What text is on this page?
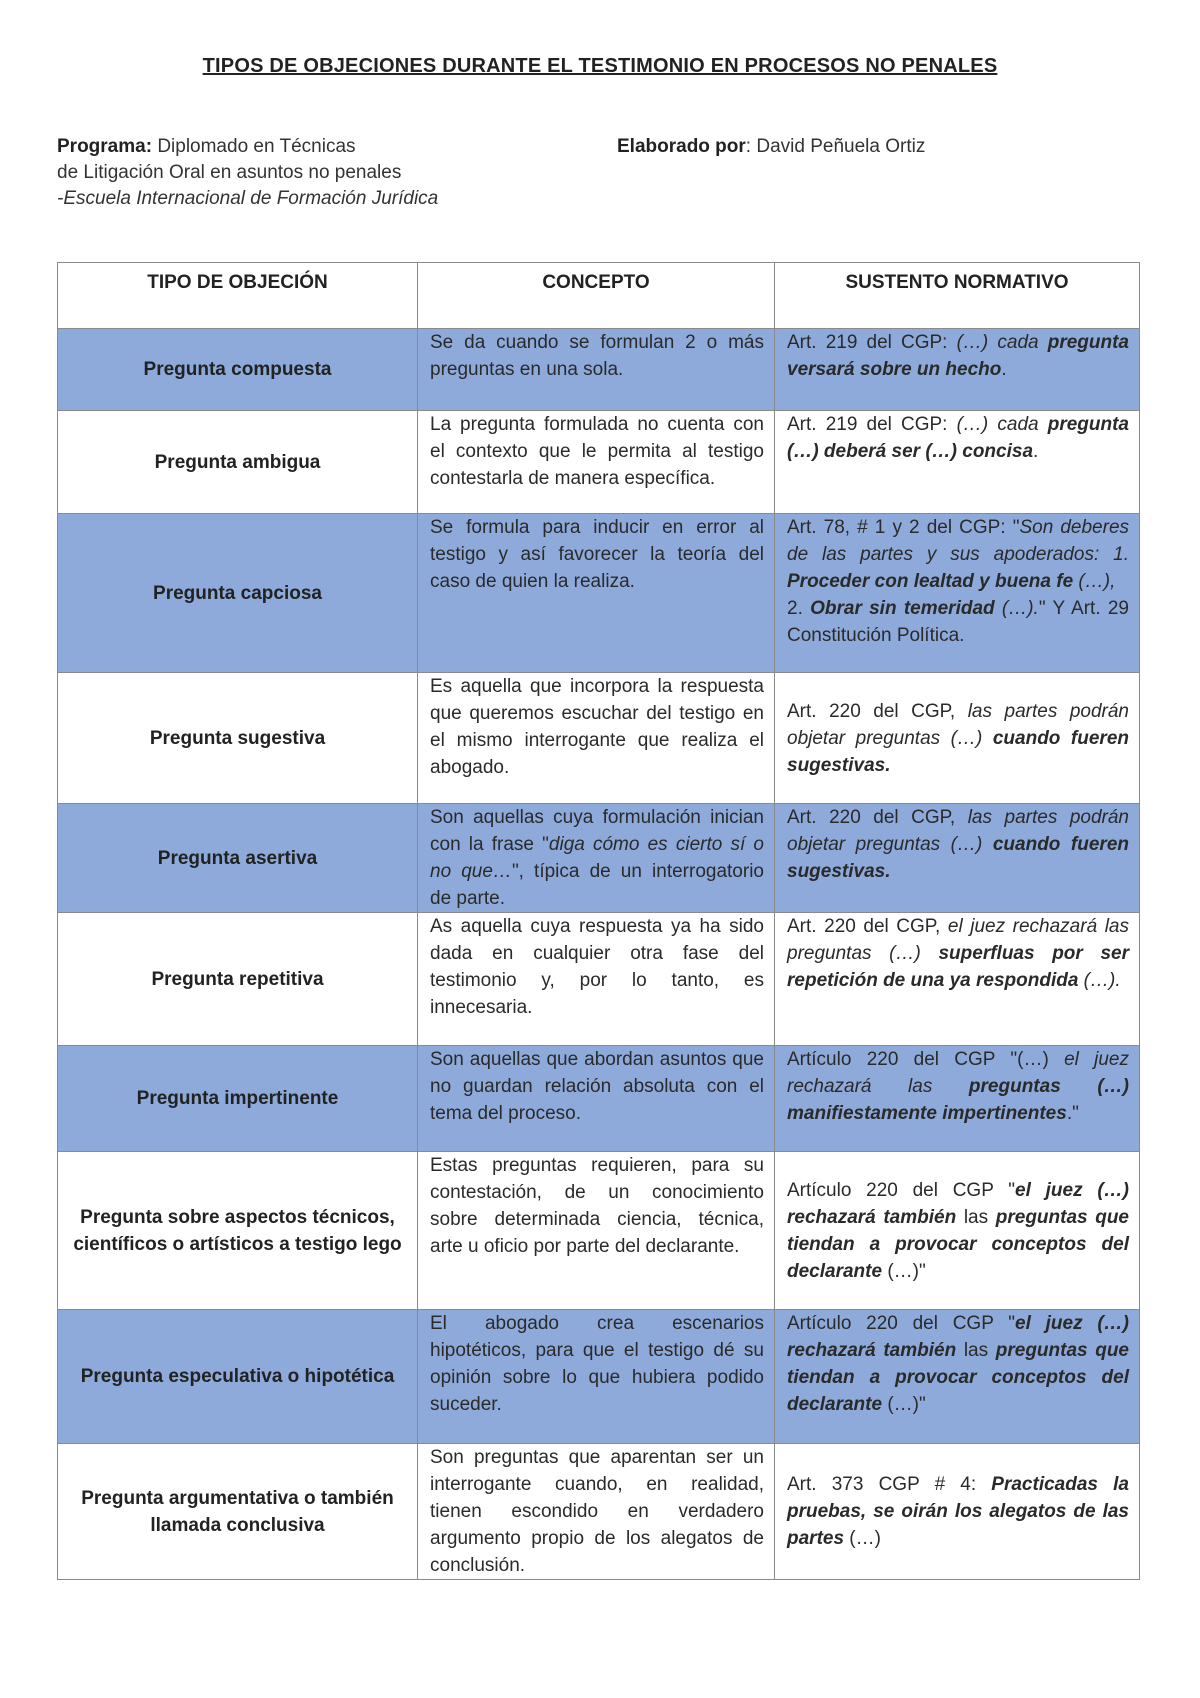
TIPOS DE OBJECIONES DURANTE EL TESTIMONIO EN PROCESOS NO PENALES
Programa: Diplomado en Técnicas
de Litigación Oral en asuntos no penales
-Escuela Internacional de Formación Jurídica
Elaborado por: David Peñuela Ortiz
TIPO DE OBJECIÓN	CONCEPTO	SUSTENTO NORMATIVO
Pregunta compuesta	Se da cuando se formulan 2 o más preguntas en una sola.	Art. 219 del CGP: (…) cada pregunta versará sobre un hecho.
Pregunta ambigua	La pregunta formulada no cuenta con el contexto que le permita al testigo contestarla de manera específica.	Art. 219 del CGP: (…) cada pregunta (…) deberá ser (…) concisa.
Pregunta capciosa	Se formula para inducir en error al testigo y así favorecer la teoría del caso de quien la realiza.	Art. 78, # 1 y 2 del CGP: "Son deberes de las partes y sus apoderados: 1. Proceder con lealtad y buena fe (…),
2. Obrar sin temeridad (…)." Y Art. 29 Constitución Política.
Pregunta sugestiva	Es aquella que incorpora la respuesta que queremos escuchar del testigo en el mismo interrogante que realiza el abogado.	Art. 220 del CGP, las partes podrán objetar preguntas (…) cuando fueren sugestivas.
Pregunta asertiva	Son aquellas cuya formulación inician con la frase "diga cómo es cierto sí o no que…", típica de un interrogatorio de parte.	Art. 220 del CGP, las partes podrán objetar preguntas (…) cuando fueren sugestivas.
Pregunta repetitiva	As aquella cuya respuesta ya ha sido dada en cualquier otra fase del testimonio y, por lo tanto, es innecesaria.	Art. 220 del CGP, el juez rechazará las preguntas (…) superfluas por ser repetición de una ya respondida (…).
Pregunta impertinente	Son aquellas que abordan asuntos que no guardan relación absoluta con el tema del proceso.	Artículo 220 del CGP "(…) el juez rechazará las preguntas (…) manifiestamente impertinentes."
Pregunta sobre aspectos técnicos, científicos o artísticos a testigo lego	Estas preguntas requieren, para su contestación, de un conocimiento sobre determinada ciencia, técnica, arte u oficio por parte del declarante.	Artículo 220 del CGP "el juez (…) rechazará también las preguntas que tiendan a provocar conceptos del declarante (…)"
Pregunta especulativa o hipotética	El abogado crea escenarios hipotéticos, para que el testigo dé su opinión sobre lo que hubiera podido suceder.	Artículo 220 del CGP "el juez (…) rechazará también las preguntas que tiendan a provocar conceptos del declarante (…)"
Pregunta argumentativa o también llamada conclusiva	Son preguntas que aparentan ser un interrogante cuando, en realidad, tienen escondido en verdadero argumento propio de los alegatos de conclusión.	Art. 373 CGP # 4: Practicadas la pruebas, se oirán los alegatos de las partes (…)
